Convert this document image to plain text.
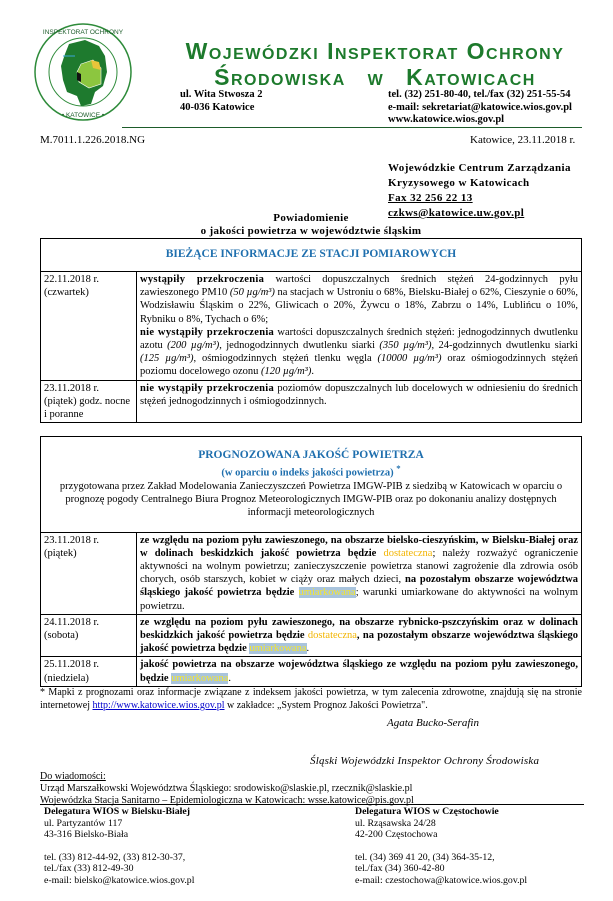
INSPEKTORAT OCHRONY
• KATOWICE •
Wojewódzki Inspektorat Ochrony
Środowiska w Katowicach
ul. Wita Stwosza 2
40-036 Katowice
tel. (32) 251-80-40, tel./fax (32) 251-55-54
e-mail: sekretariat@katowice.wios.gov.pl
www.katowice.wios.gov.pl
M.7011.1.226.2018.NG	Katowice, 23.11.2018 r.
Wojewódzkie Centrum Zarządzania
Kryzysowego w Katowicach
Fax 32 256 22 13
czkws@katowice.uw.gov.pl
Powiadomienie
o jakości powietrza w województwie śląskim
BIEŻĄCE INFORMACJE ZE STACJI POMIAROWYCH	

22.11.2018 r.
(czwartek)
	wystąpiły przekroczenia wartości dopuszczalnych średnich stężeń 24-godzinnych pyłu zawieszonego PM10 (50 µg/m³) na stacjach w Ustroniu o 68%, Bielsku-Białej o 62%, Cieszynie o 60%, Wodzisławiu Śląskim o 22%, Gliwicach o 20%, Żywcu o 18%, Zabrzu o 14%, Lublińcu o 10%, Rybniku o 8%, Tychach o 6%;
nie wystąpiły przekroczenia wartości dopuszczalnych średnich stężeń: jednogodzinnych dwutlenku azotu (200 µg/m³), jednogodzinnych dwutlenku siarki (350 µg/m³), 24-godzinnych dwutlenku siarki (125 µg/m³), ośmiogodzinnych stężeń tlenku węgla (10000 µg/m³) oraz ośmiogodzinnych stężeń poziomu docelowego ozonu (120 µg/m³).

23.11.2018 r.
(piątek) godz. nocne i poranne	nie wystąpiły przekroczenia poziomów dopuszczalnych lub docelowych w odniesieniu do średnich stężeń jednogodzinnych i ośmiogodzinnych.
PROGNOZOWANA JAKOŚĆ POWIETRZA
(w oparciu o indeks jakości powietrza) *
przygotowana przez Zakład Modelowania Zanieczyszczeń Powietrza IMGW-PIB z siedzibą w Katowicach w oparciu o prognozę pogody Centralnego Biura Prognoz Meteorologicznych IMGW-PIB oraz po dokonaniu analizy dostępnych informacji meteorologicznych	

23.11.2018 r.
(piątek)	ze względu na poziom pyłu zawieszonego, na obszarze bielsko-cieszyńskim, w Bielsku-Białej oraz w dolinach beskidzkich jakość powietrza będzie dostateczna; należy rozważyć ograniczenie aktywności na wolnym powietrzu; zanieczyszczenie powietrza stanowi zagrożenie dla zdrowia osób chorych, osób starszych, kobiet w ciąży oraz małych dzieci, na pozostałym obszarze województwa śląskiego jakość powietrza będzie umiarkowana; warunki umiarkowane do aktywności na wolnym powietrzu.

24.11.2018 r.
(sobota)	ze względu na poziom pyłu zawieszonego, na obszarze rybnicko-pszczyńskim oraz w dolinach beskidzkich jakość powietrza będzie dostateczna, na pozostałym obszarze województwa śląskiego jakość powietrza będzie umiarkowana.

25.11.2018 r.
(niedziela)	jakość powietrza na obszarze województwa śląskiego ze względu na poziom pyłu zawieszonego, będzie umiarkowana.
* Mapki z prognozami oraz informacje związane z indeksem jakości powietrza, w tym zalecenia zdrowotne, znajdują się na stronie internetowej http://www.katowice.wios.gov.pl w zakładce: „System Prognoz Jakości Powietrza".
Agata Bucko-Serafin
Śląski Wojewódzki Inspektor Ochrony Środowiska
Do wiadomości:
Urząd Marszałkowski Województwa Śląskiego: srodowisko@slaskie.pl, rzecznik@slaskie.pl
Wojewódzka Stacja Sanitarno – Epidemiologiczna w Katowicach: wsse.katowice@pis.gov.pl
Delegatura WIOS w Bielsku-Białej
ul. Partyzantów 117
43-316 Bielsko-Biała
tel. (33) 812-44-92, (33) 812-30-37,
tel./fax (33) 812-49-30
e-mail: bielsko@katowice.wios.gov.pl
Delegatura WIOS w Częstochowie
ul. Rząsawska 24/28
42-200 Częstochowa
tel. (34) 369 41 20, (34) 364-35-12,
tel./fax (34) 360-42-80
e-mail: czestochowa@katowice.wios.gov.pl
